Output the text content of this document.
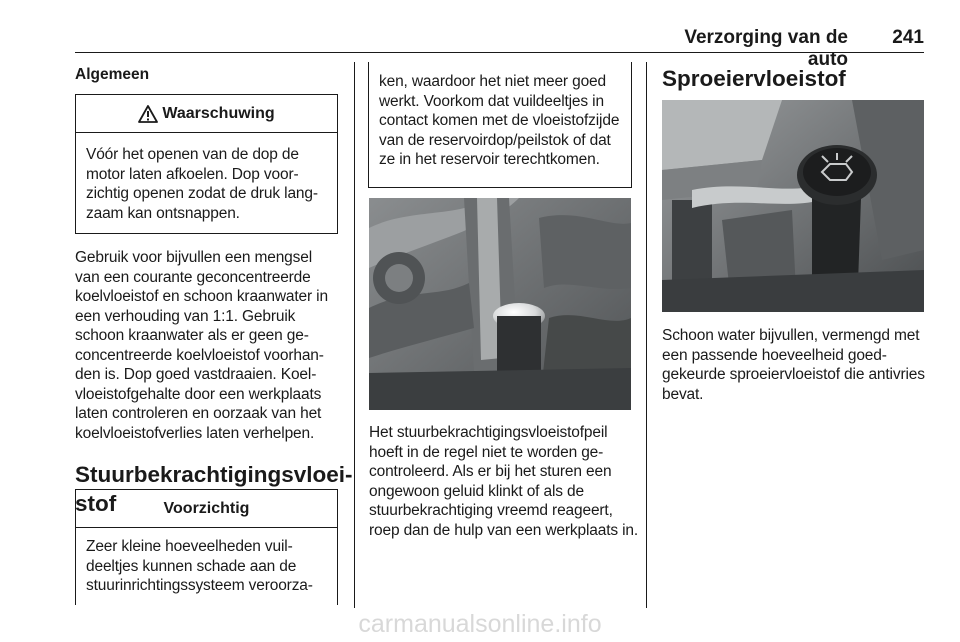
Verzorging van de auto
241
Algemeen
Waarschuwing

Vóór het openen van de dop de motor laten afkoelen. Dop voorzichtig openen zodat de druk langzaam kan ontsnappen.

Gebruik voor bijvullen een mengsel van een courante geconcentreerde koelvloeistof en schoon kraanwater in een verhouding van 1:1. Gebruik schoon kraanwater als er geen geconcentreerde koelvloeistof voorhanden is. Dop goed vastdraaien. Koelvloeistofgehalte door een werkplaats laten controleren en oorzaak van het koelvloeistofverlies laten verhelpen.

Stuurbekrachtigingsvloei-
stof	Voorzichtig

Zeer kleine hoeveelheden vuildeeltjes kunnen schade aan de stuurinrichtingssysteem veroorza-

ken, waardoor het niet meer goed werkt. Voorkom dat vuildeeltjes in contact komen met de vloeistofzijde van de reservoirdop/peilstok of dat ze in het reservoir terechtkomen.

Het stuurbekrachtigingsvloeistofpeil hoeft in de regel niet te worden gecontroleerd. Als er bij het sturen een ongewoon geluid klinkt of als de stuurbekrachtiging vreemd reageert, roep dan de hulp van een werkplaats in.

Sproeiervloeistof

Schoon water bijvullen, vermengd met een passende hoeveelheid goedgekeurde sproeiervloeistof die antivries bevat.

carmanualsonline.info
